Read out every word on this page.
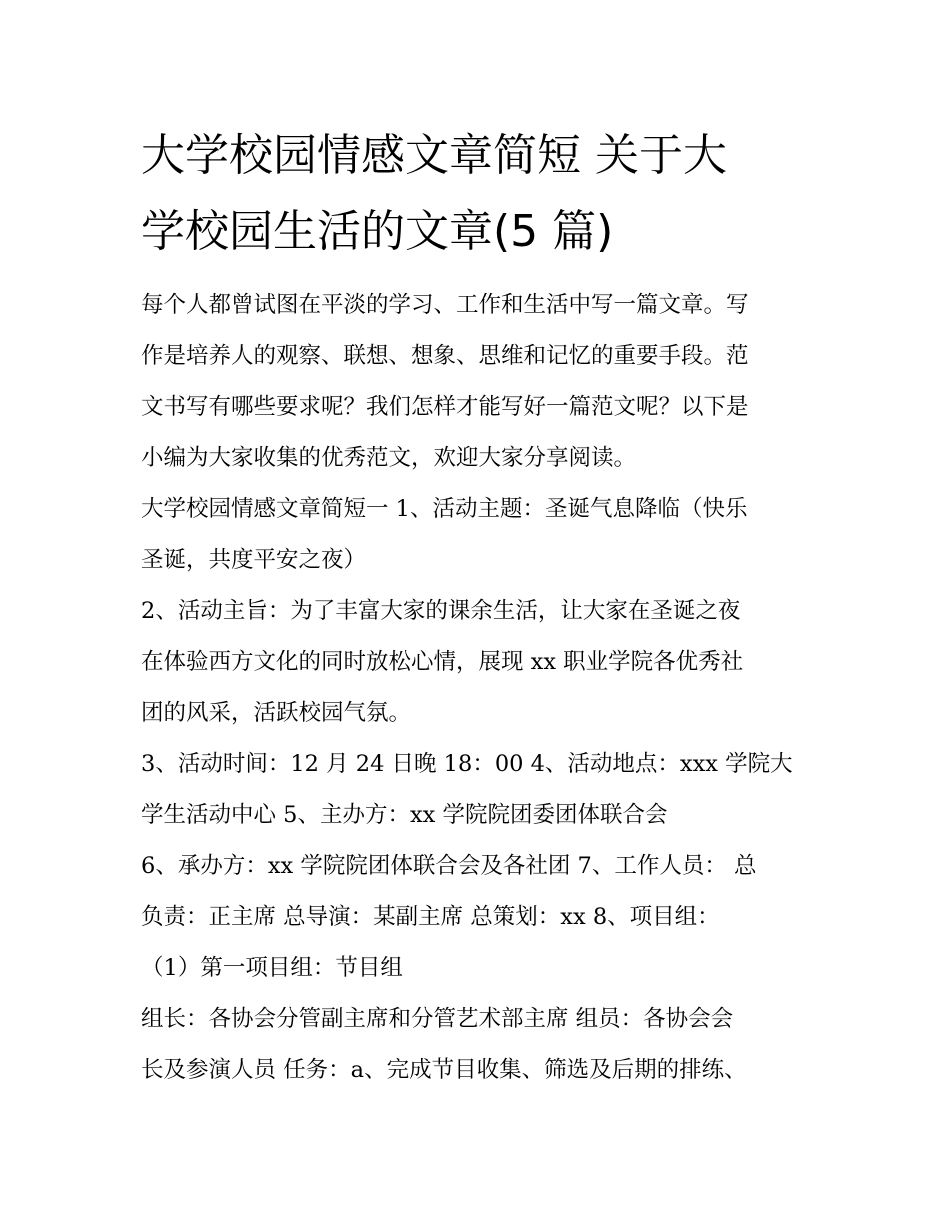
大学校园情感文章简短 关于大
学校园生活的文章(5 篇)

每个人都曾试图在平淡的学习、工作和生活中写一篇文章。写

作是培养人的观察、联想、想象、思维和记忆的重要手段。范

文书写有哪些要求呢？我们怎样才能写好一篇范文呢？以下是

小编为大家收集的优秀范文，欢迎大家分享阅读。

大学校园情感文章简短一 1、活动主题：圣诞气息降临（快乐

圣诞，共度平安之夜）

2、活动主旨：为了丰富大家的课余生活，让大家在圣诞之夜

在体验西方文化的同时放松心情，展现 xx 职业学院各优秀社

团的风采，活跃校园气氛。

3、活动时间：12 月 24 日晚 18：00 4、活动地点：xxx 学院大

学生活动中心 5、主办方：xx 学院院团委团体联合会

6、承办方：xx 学院院团体联合会及各社团 7、工作人员： 总

负责：正主席 总导演：某副主席 总策划：xx 8、项目组：

（1）第一项目组：节目组

组长：各协会分管副主席和分管艺术部主席 组员：各协会会

长及参演人员 任务：a、完成节目收集、筛选及后期的排练、
